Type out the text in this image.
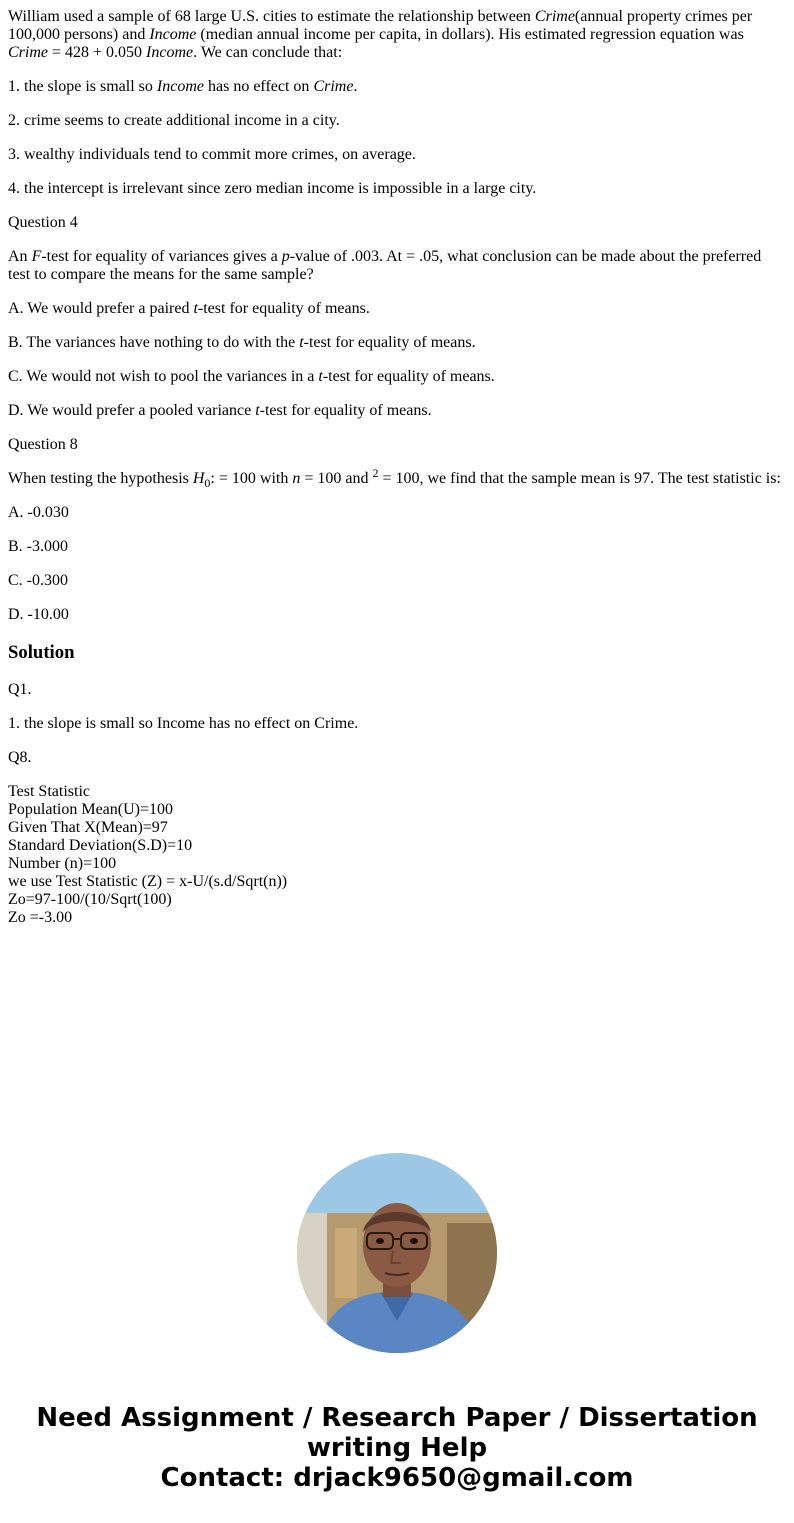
William used a sample of 68 large U.S. cities to estimate the relationship between Crime(annual property crimes per 100,000 persons) and Income (median annual income per capita, in dollars). His estimated regression equation was Crime = 428 + 0.050 Income. We can conclude that:

1. the slope is small so Income has no effect on Crime.

2. crime seems to create additional income in a city.

3. wealthy individuals tend to commit more crimes, on average.

4. the intercept is irrelevant since zero median income is impossible in a large city.

Question 4

An F-test for equality of variances gives a p-value of .003. At = .05, what conclusion can be made about the preferred test to compare the means for the same sample?

A. We would prefer a paired t-test for equality of means.

B. The variances have nothing to do with the t-test for equality of means.

C. We would not wish to pool the variances in a t-test for equality of means.

D. We would prefer a pooled variance t-test for equality of means.

Question 8

When testing the hypothesis $H_0$: = 100 with n = 100 and $^2$ = 100, we find that the sample mean is 97. The test statistic is:

A. -0.030

B. -3.000

C. -0.300

D. -10.00

Solution

Q1.

1. the slope is small so Income has no effect on Crime.

Q8.

Test Statistic
Population Mean(U)=100
Given That X(Mean)=97
Standard Deviation(S.D)=10
Number (n)=100
we use Test Statistic (Z) = x-U/(s.d/Sqrt(n))
Zo=97-100/(10/Sqrt(100)
Zo =-3.00
Need Assignment / Research Paper / Dissertation
writing Help
Contact: drjack9650@gmail.com
